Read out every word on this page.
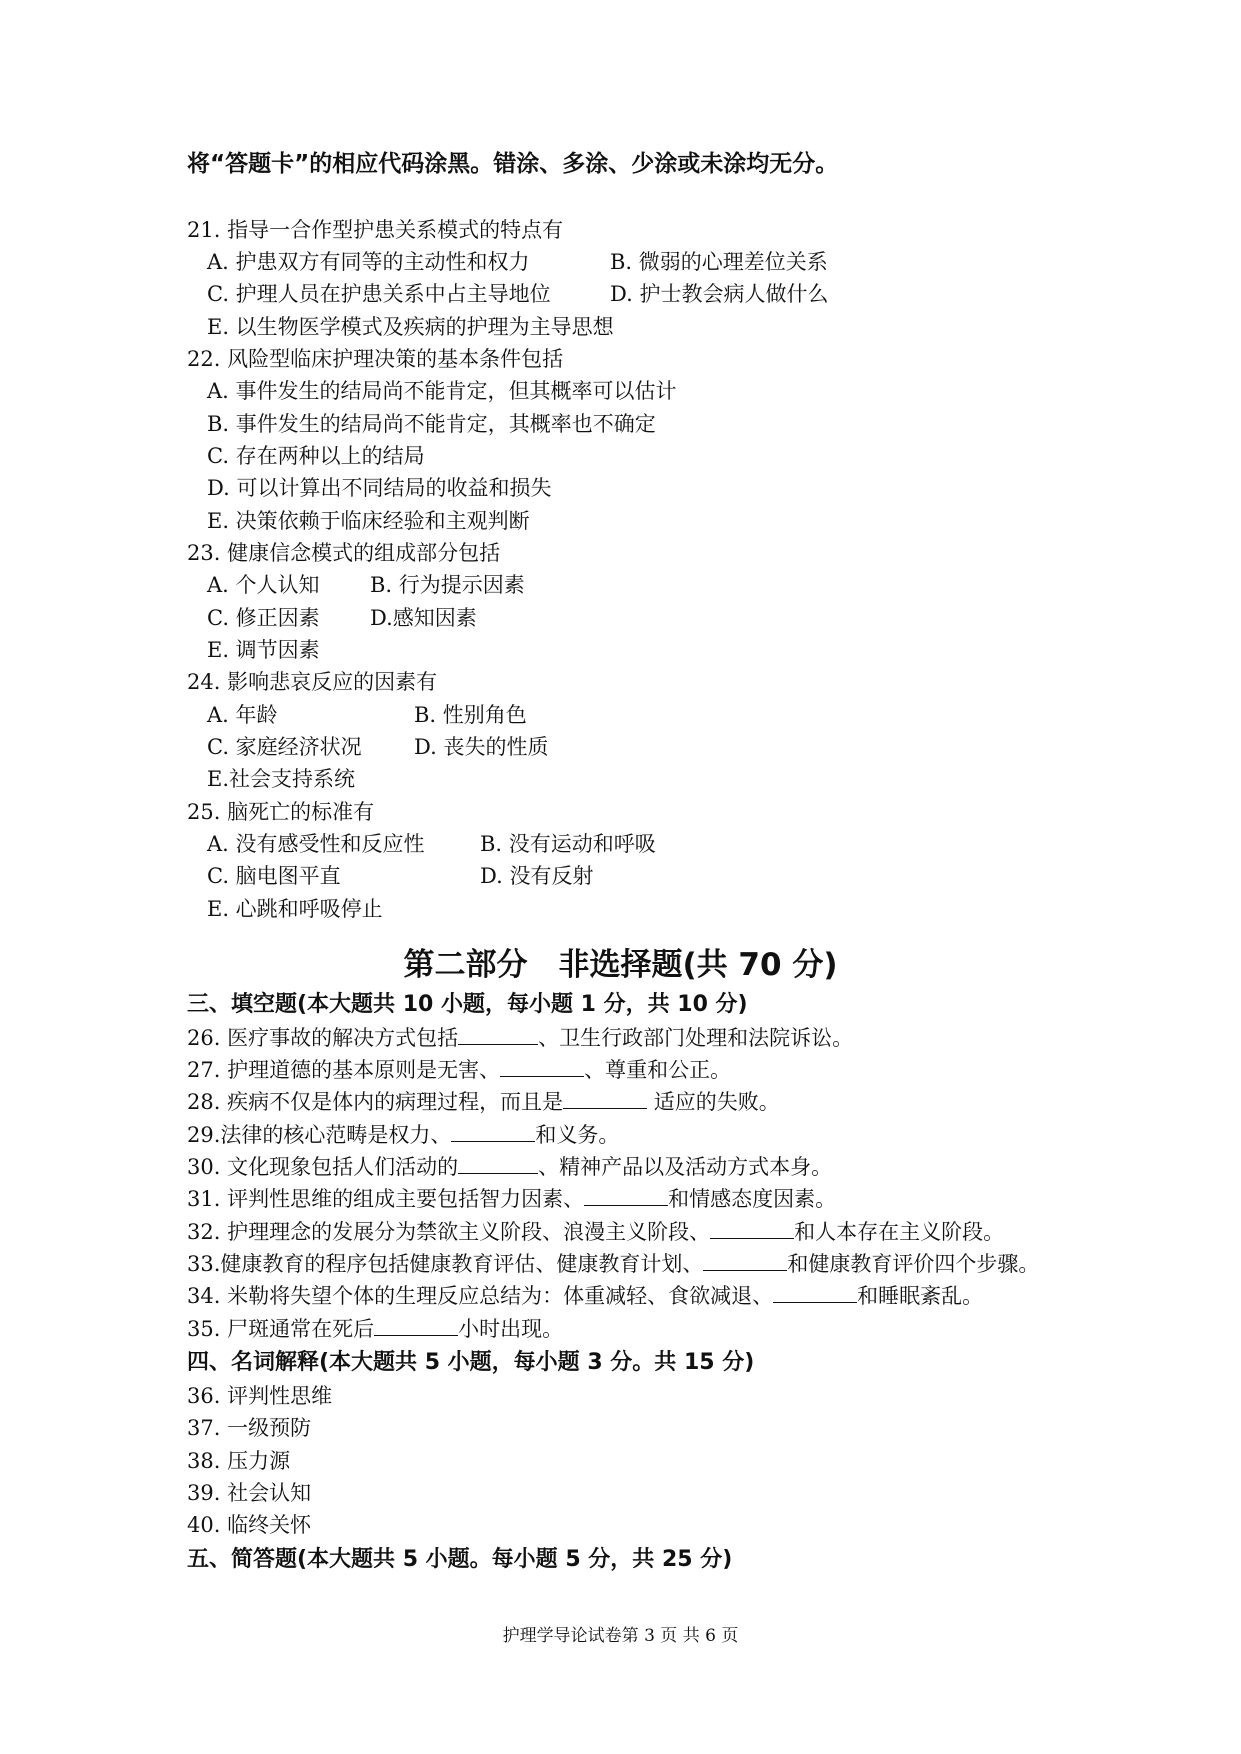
将“答题卡”的相应代码涂黑。错涂、多涂、少涂或未涂均无分。
21. 指导一合作型护患关系模式的特点有
A. 护患双方有同等的主动性和权力	B. 微弱的心理差位关系
C. 护理人员在护患关系中占主导地位	D. 护士教会病人做什么
E. 以生物医学模式及疾病的护理为主导思想
22. 风险型临床护理决策的基本条件包括
A. 事件发生的结局尚不能肯定，但其概率可以估计
B. 事件发生的结局尚不能肯定，其概率也不确定
C. 存在两种以上的结局
D. 可以计算出不同结局的收益和损失
E. 决策依赖于临床经验和主观判断
23. 健康信念模式的组成部分包括
A. 个人认知 B. 行为提示因素
C. 修正因素 D.感知因素
E. 调节因素
24. 影响悲哀反应的因素有
A. 年龄	B. 性别角色
C. 家庭经济状况 D. 丧失的性质
E.社会支持系统
25. 脑死亡的标准有
A. 没有感受性和反应性	B. 没有运动和呼吸
C. 脑电图平直	D. 没有反射
E. 心跳和呼吸停止
第二部分　非选择题(共 70 分)
三、填空题(本大题共 10 小题，每小题 1 分，共 10 分)
26. 医疗事故的解决方式包括	、卫生行政部门处理和法院诉讼。
27. 护理道德的基本原则是无害、	、尊重和公正。
28. 疾病不仅是体内的病理过程，而且是	适应的失败。
29.法律的核心范畴是权力、	和义务。
30. 文化现象包括人们活动的	、精神产品以及活动方式本身。
31. 评判性思维的组成主要包括智力因素、	和情感态度因素。
32. 护理理念的发展分为禁欲主义阶段、浪漫主义阶段、	和人本存在主义阶段。
33.健康教育的程序包括健康教育评估、健康教育计划、	和健康教育评价四个步骤。
34. 米勒将失望个体的生理反应总结为：体重减轻、食欲减退、	和睡眠紊乱。
35. 尸斑通常在死后	小时出现。
四、名词解释(本大题共 5 小题，每小题 3 分。共 15 分)
36. 评判性思维
37. 一级预防
38. 压力源
39. 社会认知
40. 临终关怀
五、简答题(本大题共 5 小题。每小题 5 分，共 25 分)
护理学导论试卷第 3 页 共 6 页
